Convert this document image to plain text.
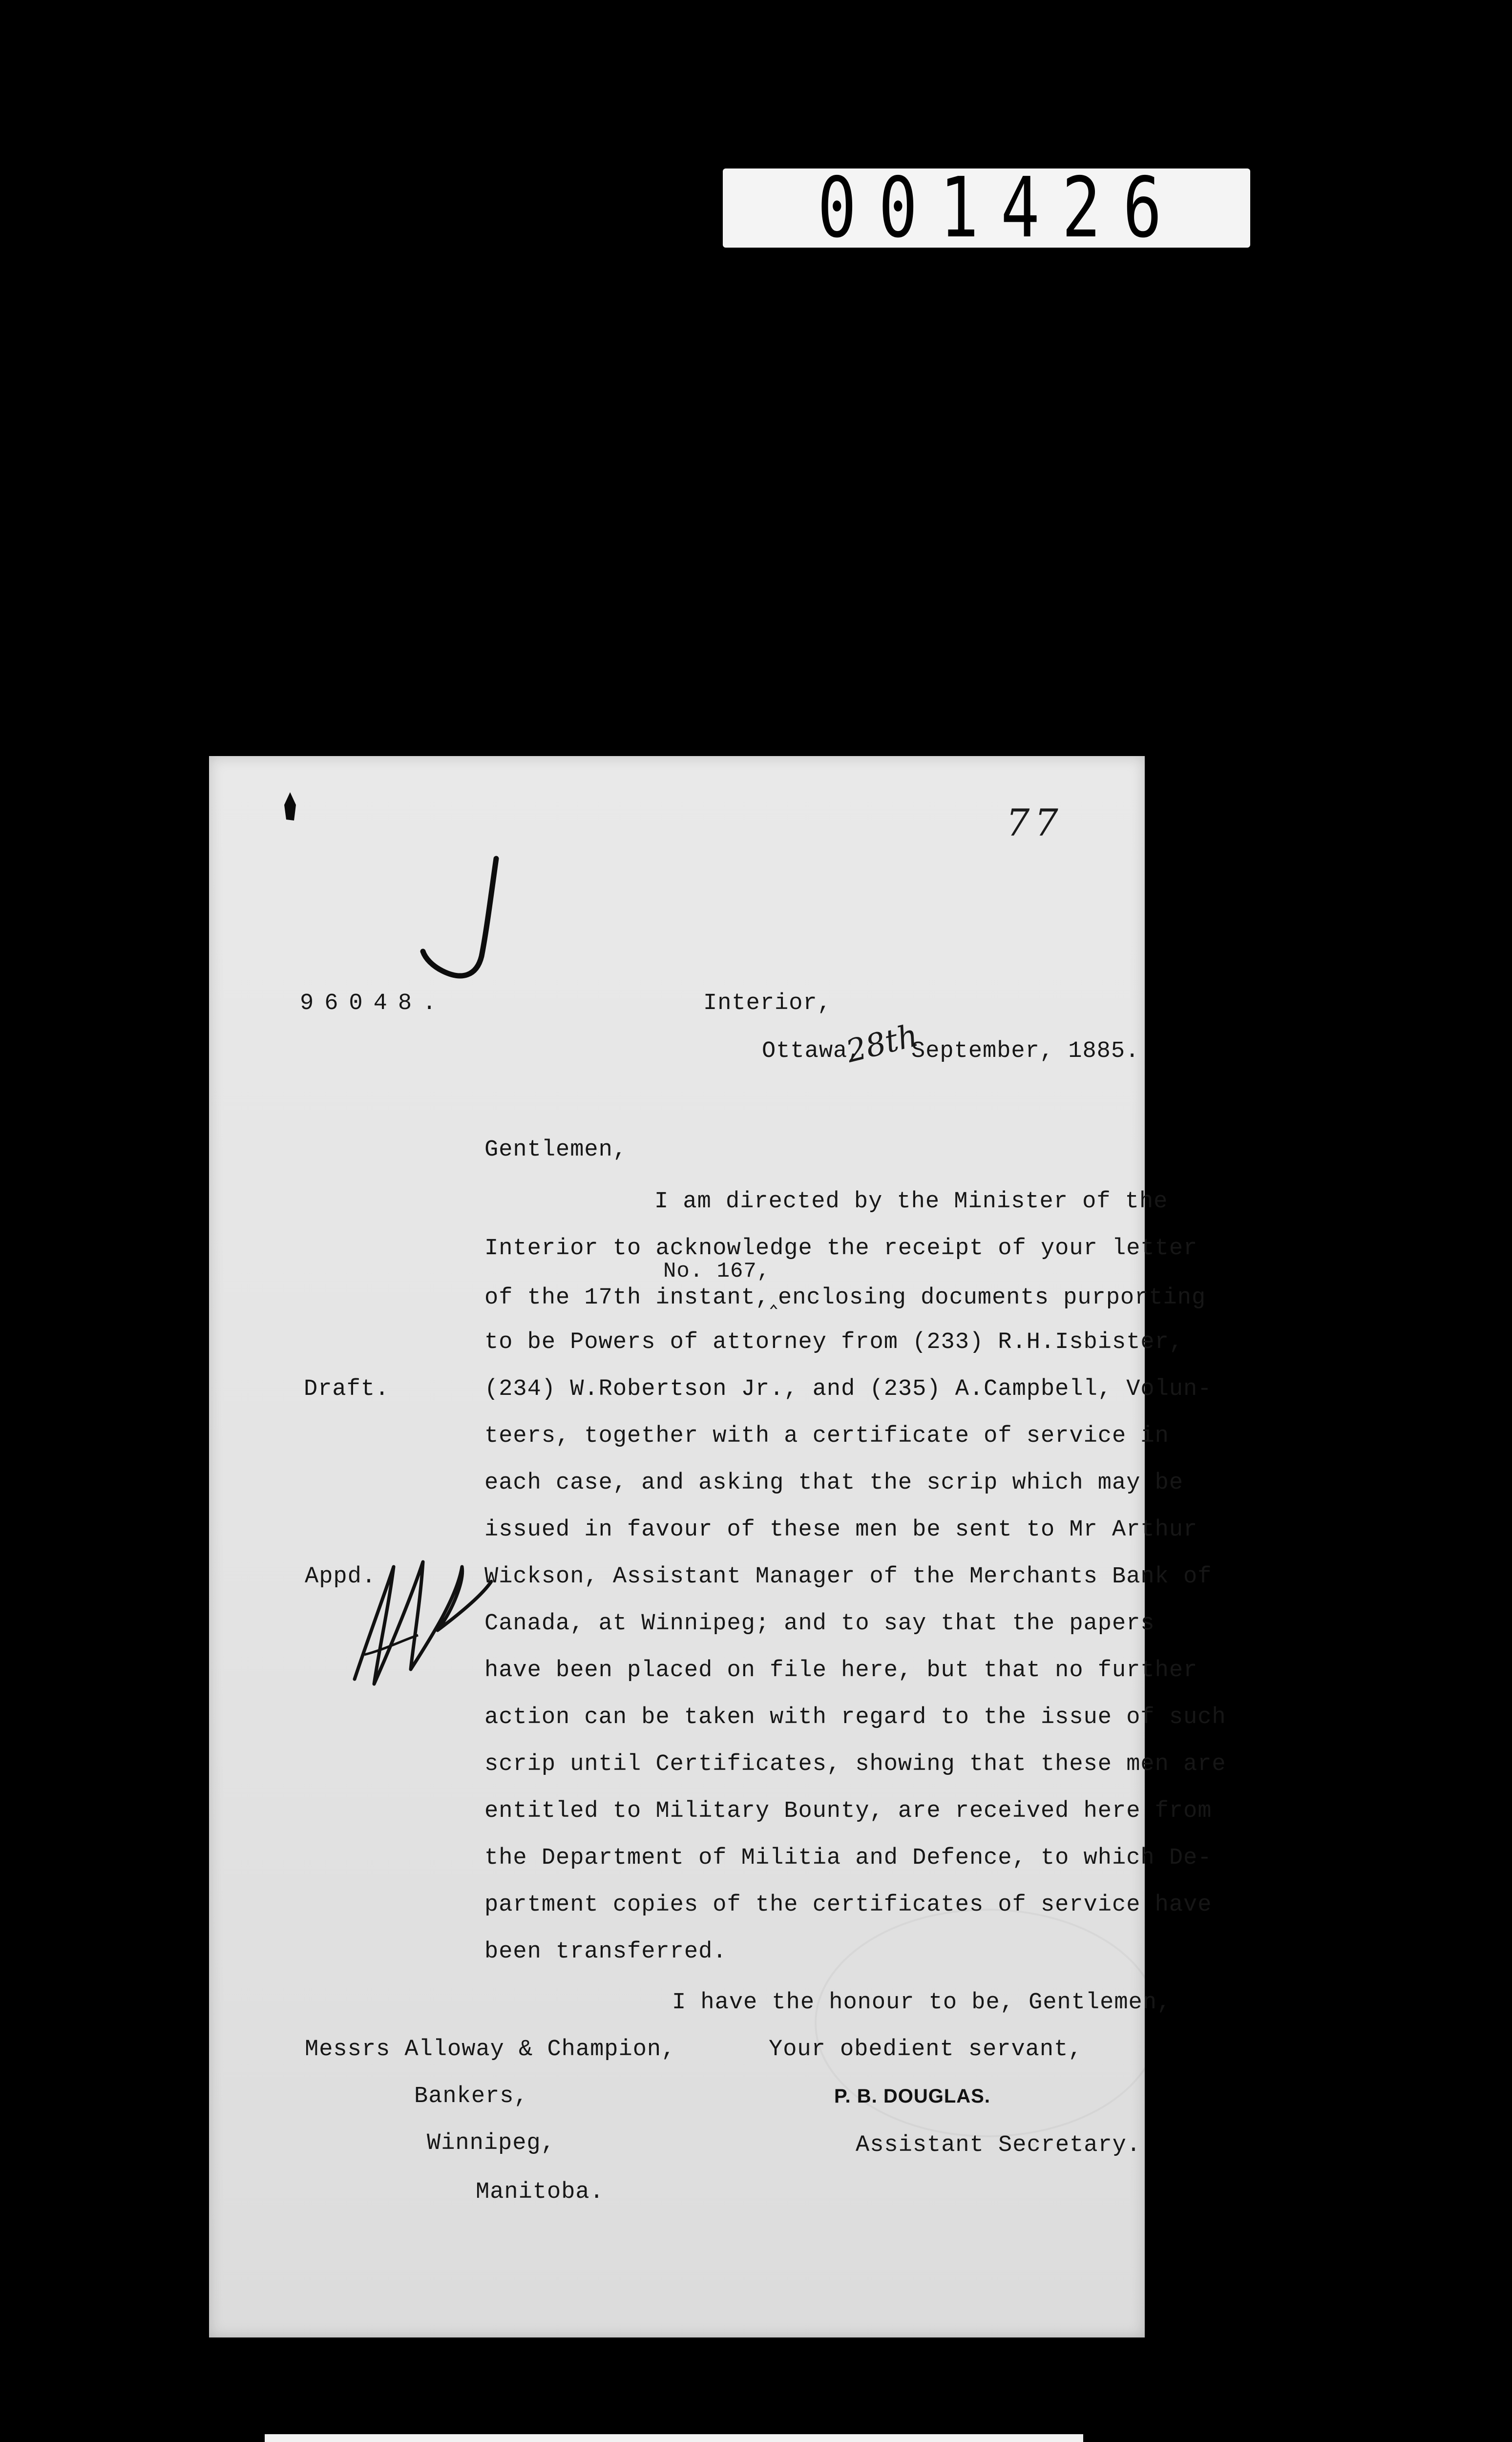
001426
77
96048.	Interior,
Ottawa,
28th
September, 1885.
Gentlemen,
No. 167,
I am directed by the Minister of the
Interior to acknowledge the receipt of your letter
of the 17th instant,‸enclosing documents purporting
to be Powers of attorney from (233) R.H.Isbister,
(234) W.Robertson Jr., and (235) A.Campbell, Volun-
teers, together with a certificate of service in
each case, and asking that the scrip which may be
issued in favour of these men be sent to Mr Arthur
Wickson, Assistant Manager of the Merchants Bank of
Canada, at Winnipeg; and to say that the papers
have been placed on file here, but that no further
action can be taken with regard to the issue of such
scrip until Certificates, showing that these men are
entitled to Military Bounty, are received here from
the Department of Militia and Defence, to which De-
partment copies of the certificates of service have
been transferred.
Draft.
Appd.
I have the honour to be, Gentlemen,
Your obedient servant,
P. B. DOUGLAS.
Assistant Secretary.
Messrs Alloway & Champion,
Bankers,
Winnipeg,
Manitoba.
